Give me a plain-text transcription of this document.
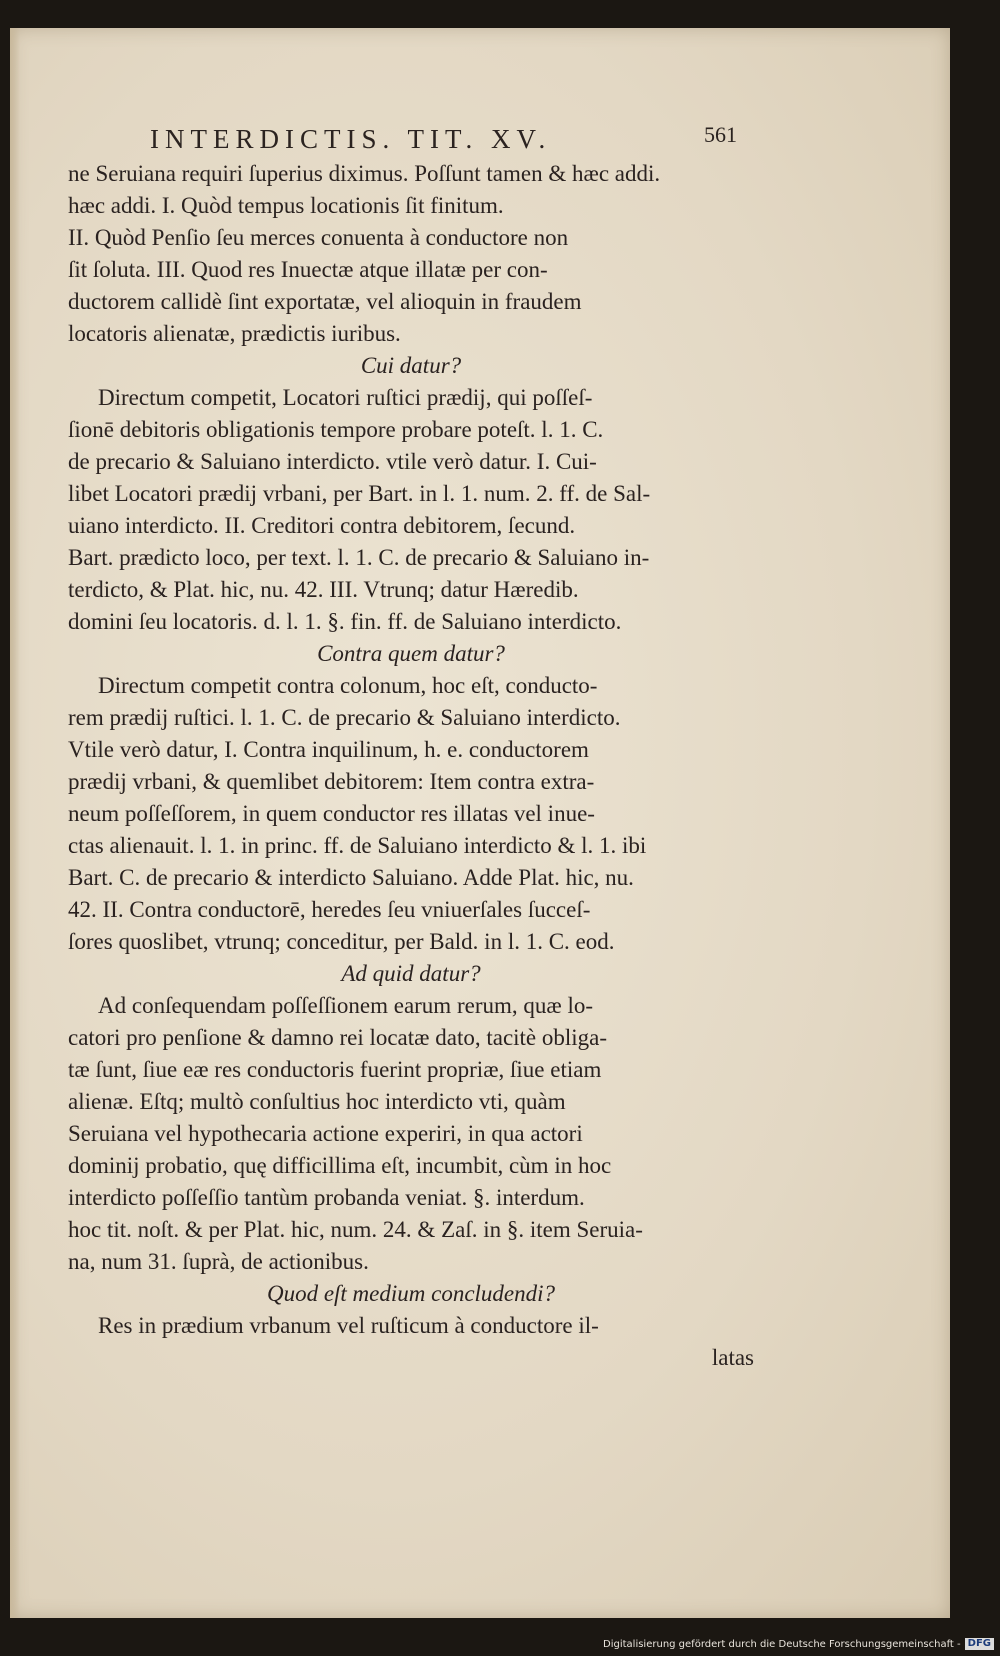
INTERDICTIS. TIT. XV.	561
ne Seruiana requiri ſuperius diximus. Poſſunt tamen & hæc addi.
hæc addi. I. Quòd tempus locationis ſit finitum.
II. Quòd Penſio ſeu merces conuenta à conductore non
ſit ſoluta. III. Quod res Inuectæ atque illatæ per con-
ductorem callidè ſint exportatæ, vel alioquin in fraudem
locatoris alienatæ, prædictis iuribus.
Cui datur?
Directum competit, Locatori ruſtici prædij, qui poſſeſ-
ſionē debitoris obligationis tempore probare poteſt. l. 1. C.
de precario & Saluiano interdicto. vtile verò datur. I. Cui-
libet Locatori prædij vrbani, per Bart. in l. 1. num. 2. ff. de Sal-
uiano interdicto. II. Creditori contra debitorem, ſecund.
Bart. prædicto loco, per text. l. 1. C. de precario & Saluiano in-
terdicto, & Plat. hic, nu. 42. III. Vtrunq; datur Hæredib.
domini ſeu locatoris. d. l. 1. §. fin. ff. de Saluiano interdicto.
Contra quem datur?
Directum competit contra colonum, hoc eſt, conducto-
rem prædij ruſtici. l. 1. C. de precario & Saluiano interdicto.
Vtile verò datur, I. Contra inquilinum, h. e. conductorem
prædij vrbani, & quemlibet debitorem: Item contra extra-
neum poſſeſſorem, in quem conductor res illatas vel inue-
ctas alienauit. l. 1. in princ. ff. de Saluiano interdicto & l. 1. ibi
Bart. C. de precario & interdicto Saluiano. Adde Plat. hic, nu.
42. II. Contra conductorē, heredes ſeu vniuerſales ſucceſ-
ſores quoslibet, vtrunq; conceditur, per Bald. in l. 1. C. eod.
Ad quid datur?
Ad conſequendam poſſeſſionem earum rerum, quæ lo-
catori pro penſione & damno rei locatæ dato, tacitè obliga-
tæ ſunt, ſiue eæ res conductoris fuerint propriæ, ſiue etiam
alienæ. Eſtq; multò conſultius hoc interdicto vti, quàm
Seruiana vel hypothecaria actione experiri, in qua actori
dominij probatio, quę difficillima eſt, incumbit, cùm in hoc
interdicto poſſeſſio tantùm probanda veniat. §. interdum.
hoc tit. noſt. & per Plat. hic, num. 24. & Zaſ. in §. item Seruia-
na, num 31. ſuprà, de actionibus.
Quod eſt medium concludendi?
Res in prædium vrbanum vel ruſticum à conductore il-
latas
Digitalisierung gefördert durch die Deutsche Forschungsgemeinschaft - DFG
